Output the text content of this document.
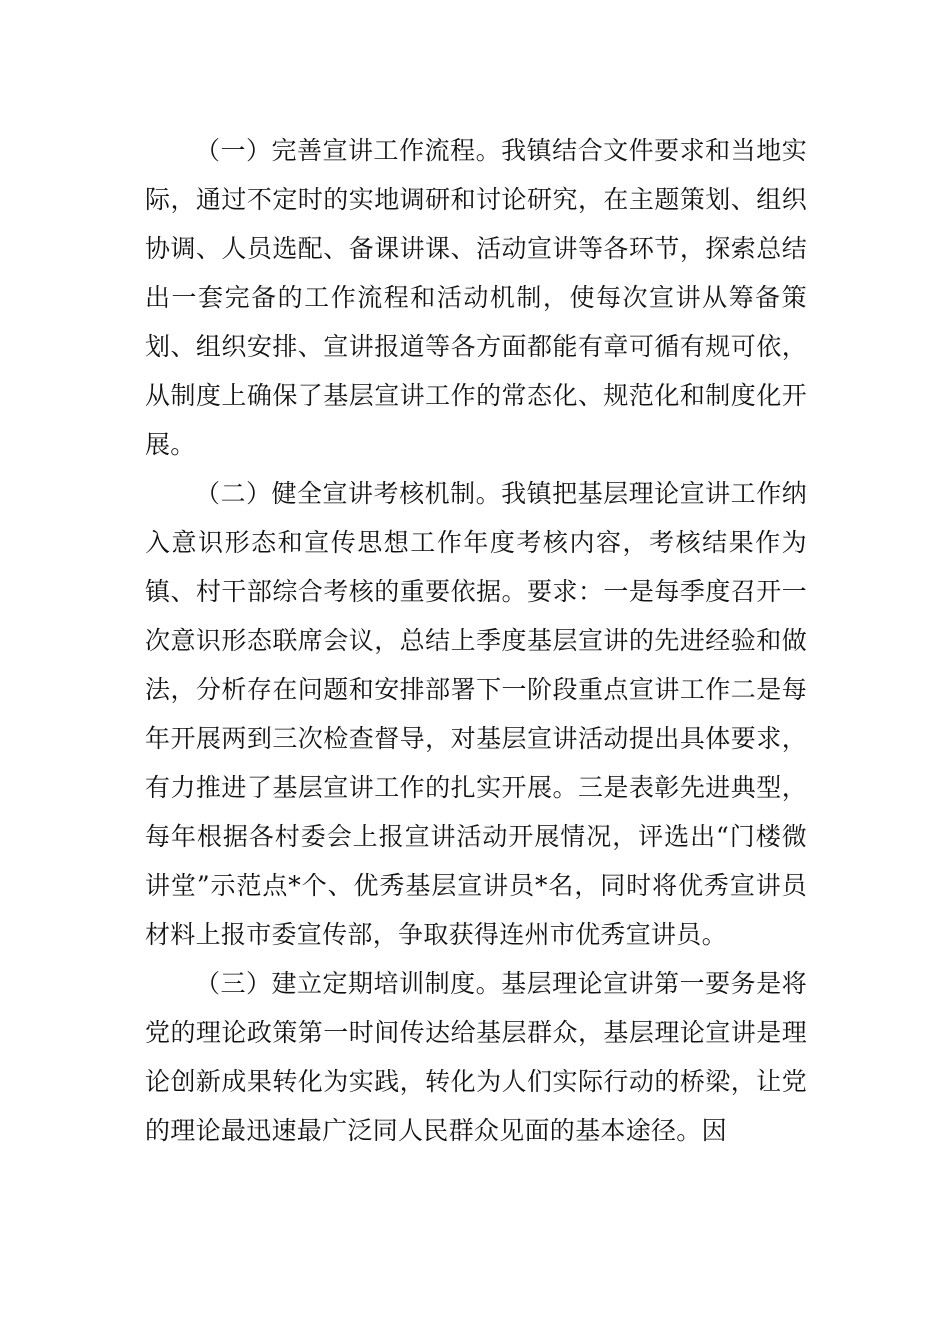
（一）完善宣讲工作流程。我镇结合文件要求和当地实际，通过不定时的实地调研和讨论研究，在主题策划、组织协调、人员选配、备课讲课、活动宣讲等各环节，探索总结出一套完备的工作流程和活动机制，使每次宣讲从筹备策划、组织安排、宣讲报道等各方面都能有章可循有规可依，从制度上确保了基层宣讲工作的常态化、规范化和制度化开展。

（二）健全宣讲考核机制。我镇把基层理论宣讲工作纳入意识形态和宣传思想工作年度考核内容，考核结果作为镇、村干部综合考核的重要依据。要求：一是每季度召开一次意识形态联席会议，总结上季度基层宣讲的先进经验和做法，分析存在问题和安排部署下一阶段重点宣讲工作二是每年开展两到三次检查督导，对基层宣讲活动提出具体要求，有力推进了基层宣讲工作的扎实开展。三是表彰先进典型，每年根据各村委会上报宣讲活动开展情况，评选出“门楼微讲堂”示范点*个、优秀基层宣讲员*名，同时将优秀宣讲员材料上报市委宣传部，争取获得连州市优秀宣讲员。

（三）建立定期培训制度。基层理论宣讲第一要务是将党的理论政策第一时间传达给基层群众，基层理论宣讲是理论创新成果转化为实践，转化为人们实际行动的桥梁，让党的理论最迅速最广泛同人民群众见面的基本途径。因
